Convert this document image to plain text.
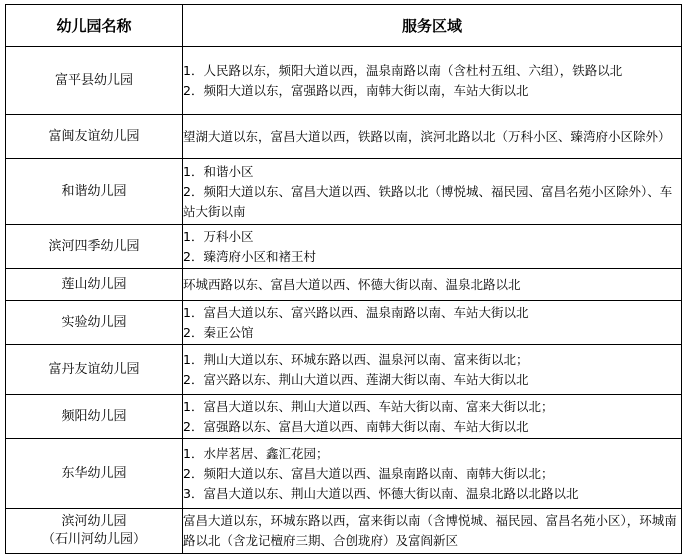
幼儿园名称	服务区域

富平县幼儿园	1．人民路以东，频阳大道以西，温泉南路以南（含杜村五组、六组），铁路以北
2．频阳大道以东，富强路以西，南韩大街以南，车站大街以北

富闽友谊幼儿园	望湖大道以东，富昌大道以西，铁路以南，滨河北路以北（万科小区、臻湾府小区除外）

和谐幼儿园	1．和谐小区
2．频阳大道以东、富昌大道以西、铁路以北（博悦城、福民园、富昌名苑小区除外）、车站大街以南

滨河四季幼儿园	1．万科小区
2．臻湾府小区和褚王村

莲山幼儿园	环城西路以东、富昌大道以西、怀德大街以南、温泉北路以北

实验幼儿园	1．富昌大道以东、富兴路以西、温泉南路以南、车站大街以北
2．秦正公馆

富丹友谊幼儿园	1．荆山大道以东、环城东路以西、温泉河以南、富来街以北；
2．富兴路以东、荆山大道以西、莲湖大街以南、车站大街以北

频阳幼儿园	1．富昌大道以东、荆山大道以西、车站大街以南、富来大街以北；
2．富强路以东、富昌大道以西、南韩大街以南、车站大街以北

东华幼儿园	1．水岸茗居、鑫汇花园；
2．频阳大道以东、富昌大道以西、温泉南路以南、南韩大街以北；
3．富昌大道以东、荆山大道以西、怀德大街以南、温泉北路以北路以北

滨河幼儿园
（石川河幼儿园）	富昌大道以东，环城东路以西，富来街以南（含博悦城、福民园、富昌名苑小区），环城南路以北（含龙记檀府三期、合创珑府）及富阎新区
